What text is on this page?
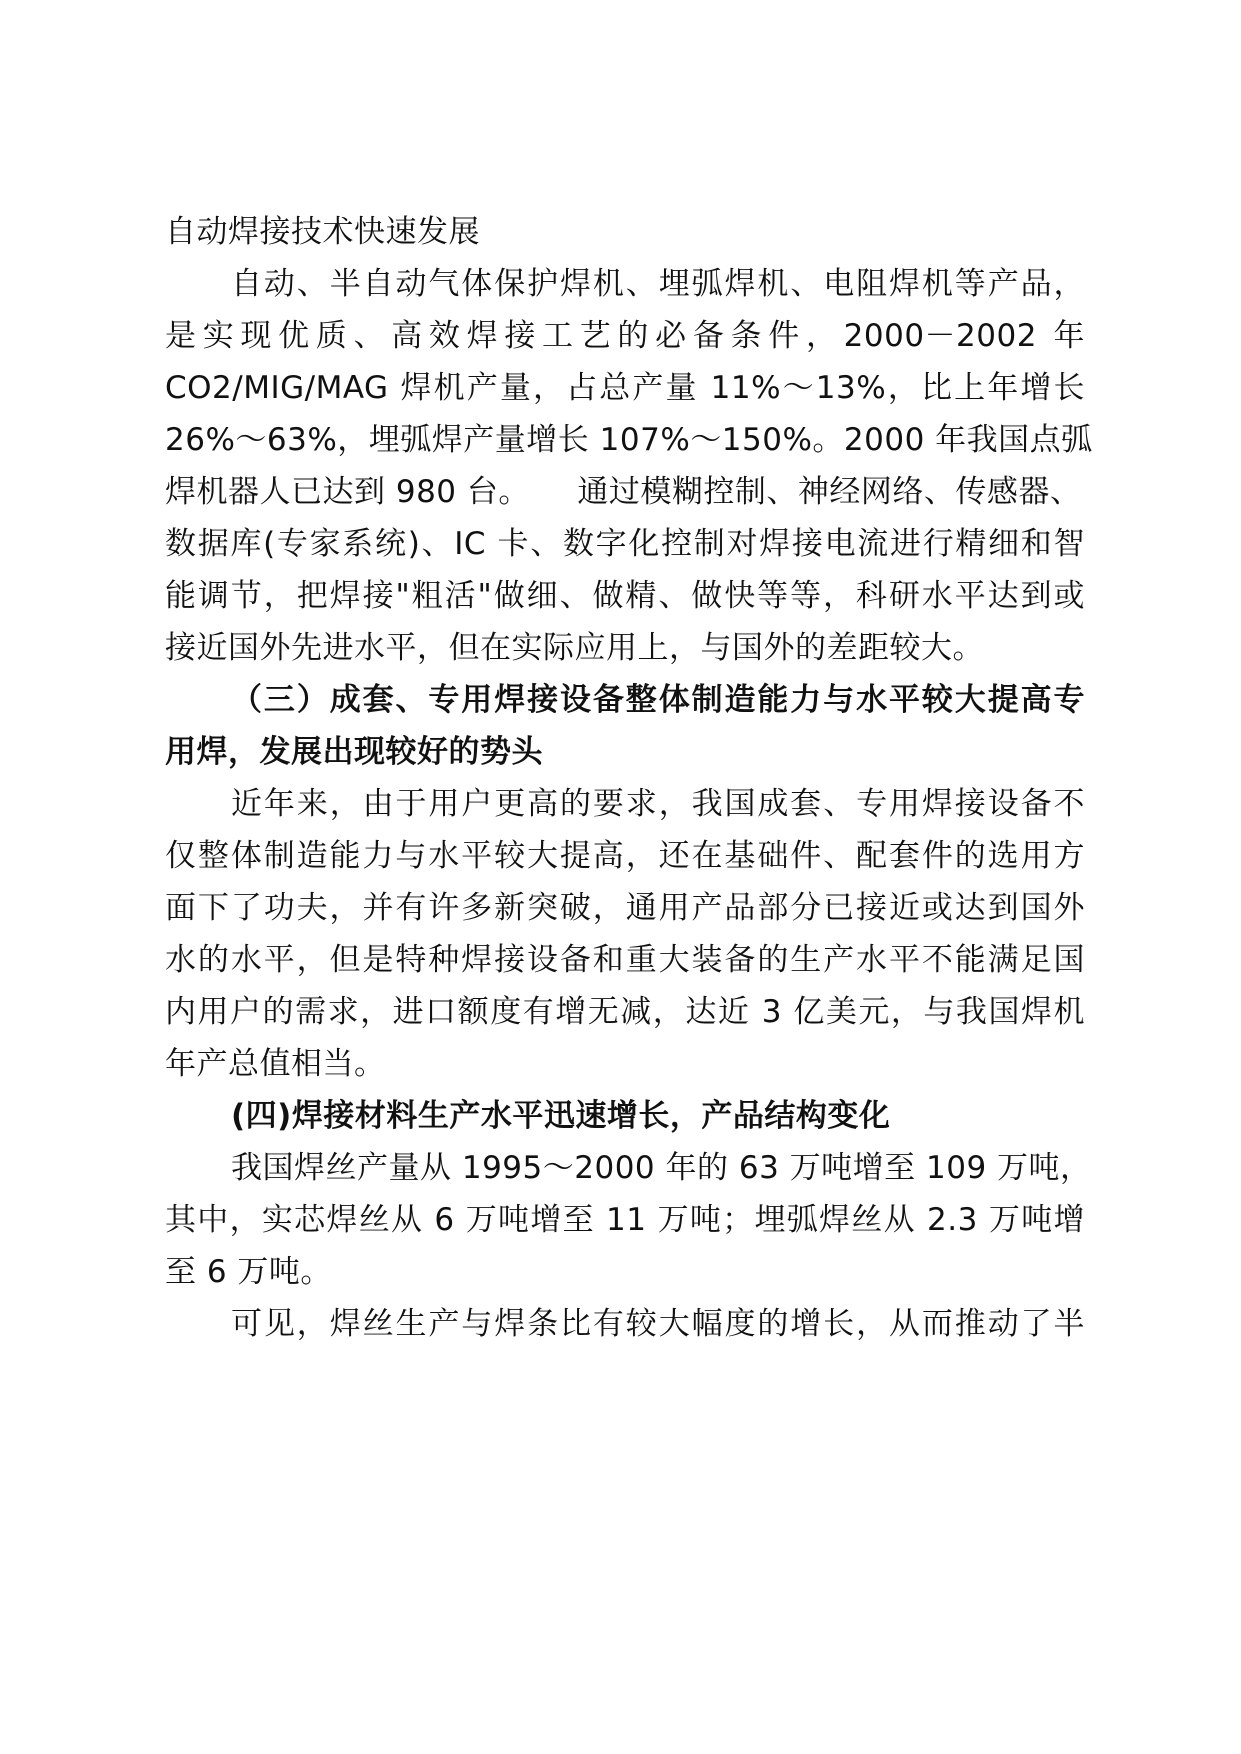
自动焊接技术快速发展
自动、半自动气体保护焊机、埋弧焊机、电阻焊机等产品，
是实现优质、高效焊接工艺的必备条件，2000－2002 年
CO2/MIG/MAG 焊机产量，占总产量 11%～13%，比上年增长
26%～63%，埋弧焊产量增长 107%～150%。2000 年我国点弧
焊机器人已达到 980 台。　　通过模糊控制、神经网络、传感器、
数据库(专家系统)、IC 卡、数字化控制对焊接电流进行精细和智
能调节，把焊接"粗活"做细、做精、做快等等，科研水平达到或
接近国外先进水平，但在实际应用上，与国外的差距较大。
（三）成套、专用焊接设备整体制造能力与水平较大提高专
用焊，发展出现较好的势头
近年来，由于用户更高的要求，我国成套、专用焊接设备不
仅整体制造能力与水平较大提高，还在基础件、配套件的选用方
面下了功夫，并有许多新突破，通用产品部分已接近或达到国外
水的水平，但是特种焊接设备和重大装备的生产水平不能满足国
内用户的需求，进口额度有增无减，达近 3 亿美元，与我国焊机
年产总值相当。
(四)焊接材料生产水平迅速增长，产品结构变化
我国焊丝产量从 1995～2000 年的 63 万吨增至 109 万吨，
其中，实芯焊丝从 6 万吨增至 11 万吨；埋弧焊丝从 2.3 万吨增
至 6 万吨。
可见，焊丝生产与焊条比有较大幅度的增长，从而推动了半
